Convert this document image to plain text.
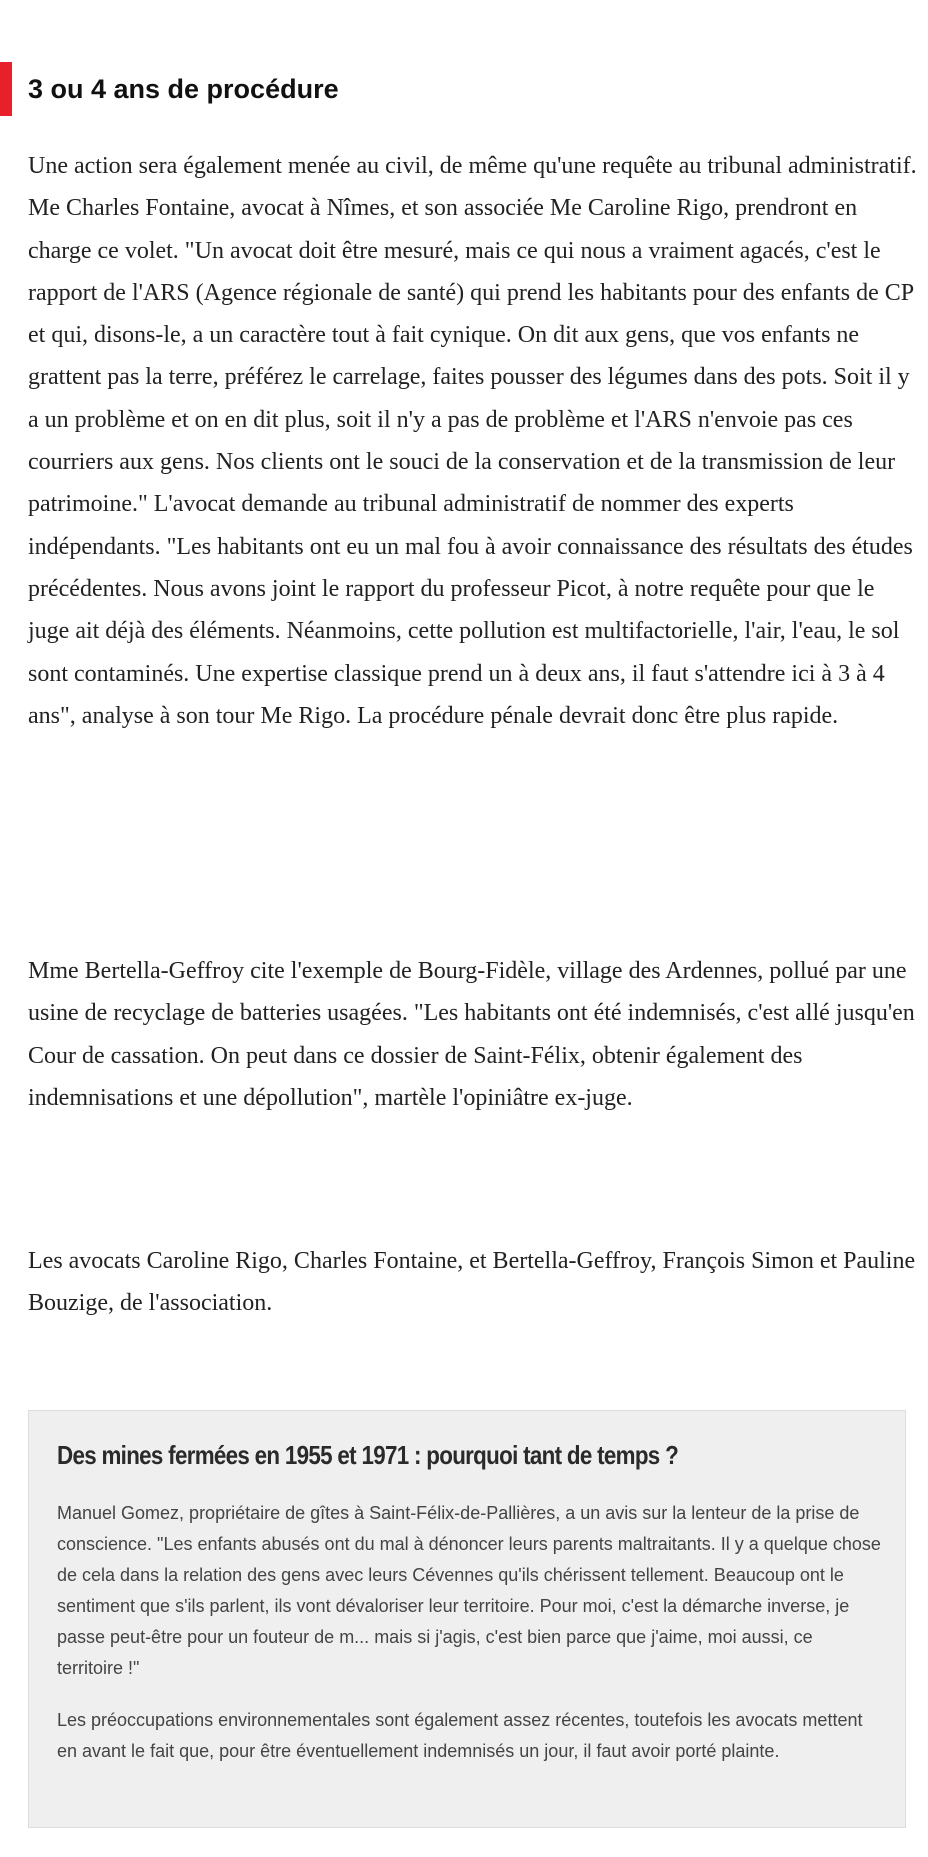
3 ou 4 ans de procédure

Une action sera également menée au civil, de même qu'une requête au tribunal administratif. Me Charles Fontaine, avocat à Nîmes, et son associée Me Caroline Rigo, prendront en charge ce volet. "Un avocat doit être mesuré, mais ce qui nous a vraiment agacés, c'est le rapport de l'ARS (Agence régionale de santé) qui prend les habitants pour des enfants de CP et qui, disons-le, a un caractère tout à fait cynique. On dit aux gens, que vos enfants ne grattent pas la terre, préférez le carrelage, faites pousser des légumes dans des pots. Soit il y a un problème et on en dit plus, soit il n'y a pas de problème et l'ARS n'envoie pas ces courriers aux gens. Nos clients ont le souci de la conservation et de la transmission de leur patrimoine." L'avocat demande au tribunal administratif de nommer des experts indépendants. "Les habitants ont eu un mal fou à avoir connaissance des résultats des études précédentes. Nous avons joint le rapport du professeur Picot, à notre requête pour que le juge ait déjà des éléments. Néanmoins, cette pollution est multifactorielle, l'air, l'eau, le sol sont contaminés. Une expertise classique prend un à deux ans, il faut s'attendre ici à 3 à 4 ans", analyse à son tour Me Rigo. La procédure pénale devrait donc être plus rapide.

Mme Bertella-Geffroy cite l'exemple de Bourg-Fidèle, village des Ardennes, pollué par une usine de recyclage de batteries usagées. "Les habitants ont été indemnisés, c'est allé jusqu'en Cour de cassation. On peut dans ce dossier de Saint-Félix, obtenir également des indemnisations et une dépollution", martèle l'opiniâtre ex-juge.

Les avocats Caroline Rigo, Charles Fontaine, et Bertella-Geffroy, François Simon et Pauline Bouzige, de l'association.

Des mines fermées en 1955 et 1971 : pourquoi tant de temps ?

Manuel Gomez, propriétaire de gîtes à Saint-Félix-de-Pallières, a un avis sur la lenteur de la prise de conscience. "Les enfants abusés ont du mal à dénoncer leurs parents maltraitants. Il y a quelque chose de cela dans la relation des gens avec leurs Cévennes qu'ils chérissent tellement. Beaucoup ont le sentiment que s'ils parlent, ils vont dévaloriser leur territoire. Pour moi, c'est la démarche inverse, je passe peut-être pour un fouteur de m... mais si j'agis, c'est bien parce que j'aime, moi aussi, ce territoire !"

Les préoccupations environnementales sont également assez récentes, toutefois les avocats mettent en avant le fait que, pour être éventuellement indemnisés un jour, il faut avoir porté plainte.
